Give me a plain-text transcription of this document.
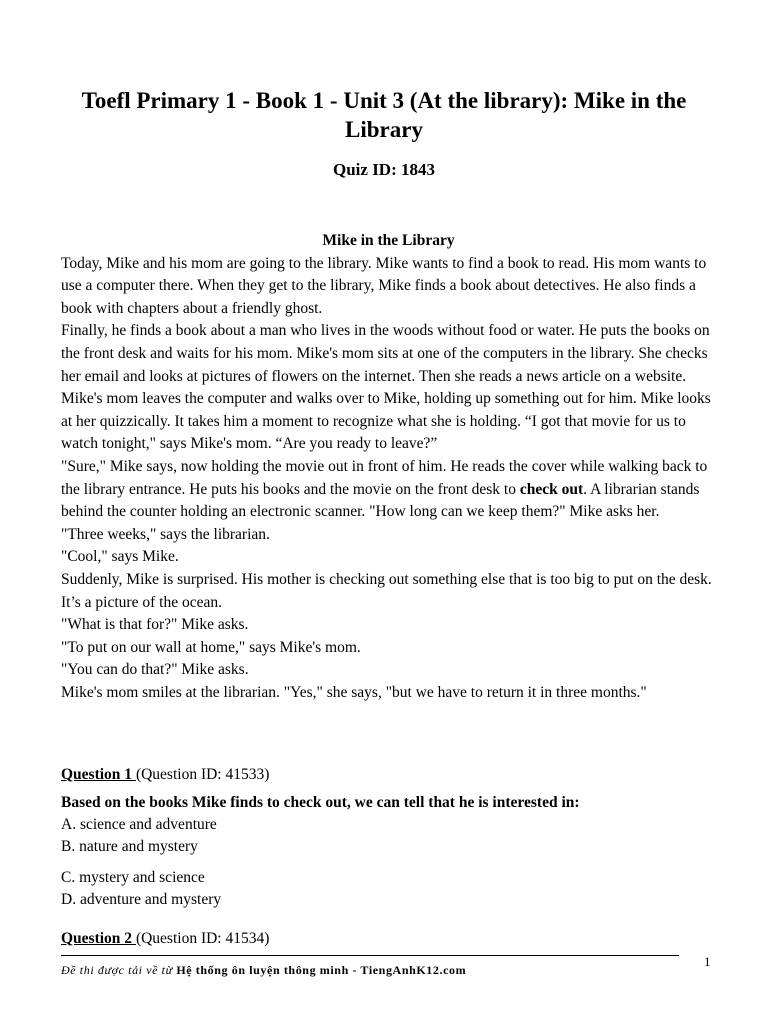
Toefl Primary 1 - Book 1 - Unit 3 (At the library): Mike in the Library
Quiz ID: 1843
Mike in the Library

Today, Mike and his mom are going to the library. Mike wants to find a book to read. His mom wants to use a computer there. When they get to the library, Mike finds a book about detectives. He also finds a book with chapters about a friendly ghost.

Finally, he finds a book about a man who lives in the woods without food or water. He puts the books on the front desk and waits for his mom. Mike's mom sits at one of the computers in the library. She checks her email and looks at pictures of flowers on the internet. Then she reads a news article on a website.

Mike's mom leaves the computer and walks over to Mike, holding up something out for him. Mike looks at her quizzically. It takes him a moment to recognize what she is holding. “I got that movie for us to watch tonight," says Mike's mom. “Are you ready to leave?”

"Sure," Mike says, now holding the movie out in front of him. He reads the cover while walking back to the library entrance. He puts his books and the movie on the front desk to check out. A librarian stands behind the counter holding an electronic scanner. "How long can we keep them?" Mike asks her.

"Three weeks," says the librarian.

"Cool," says Mike.

Suddenly, Mike is surprised. His mother is checking out something else that is too big to put on the desk. It’s a picture of the ocean.

"What is that for?" Mike asks.

"To put on our wall at home," says Mike's mom.

"You can do that?" Mike asks.

Mike's mom smiles at the librarian. "Yes," she says, "but we have to return it in three months."

Question 1 (Question ID: 41533)

Based on the books Mike finds to check out, we can tell that he is interested in:

A. science and adventure

B. nature and mystery

C. mystery and science

D. adventure and mystery

Question 2 (Question ID: 41534)

Đề thi được tải về từ Hệ thống ôn luyện thông minh - TiengAnhK12.com
1
